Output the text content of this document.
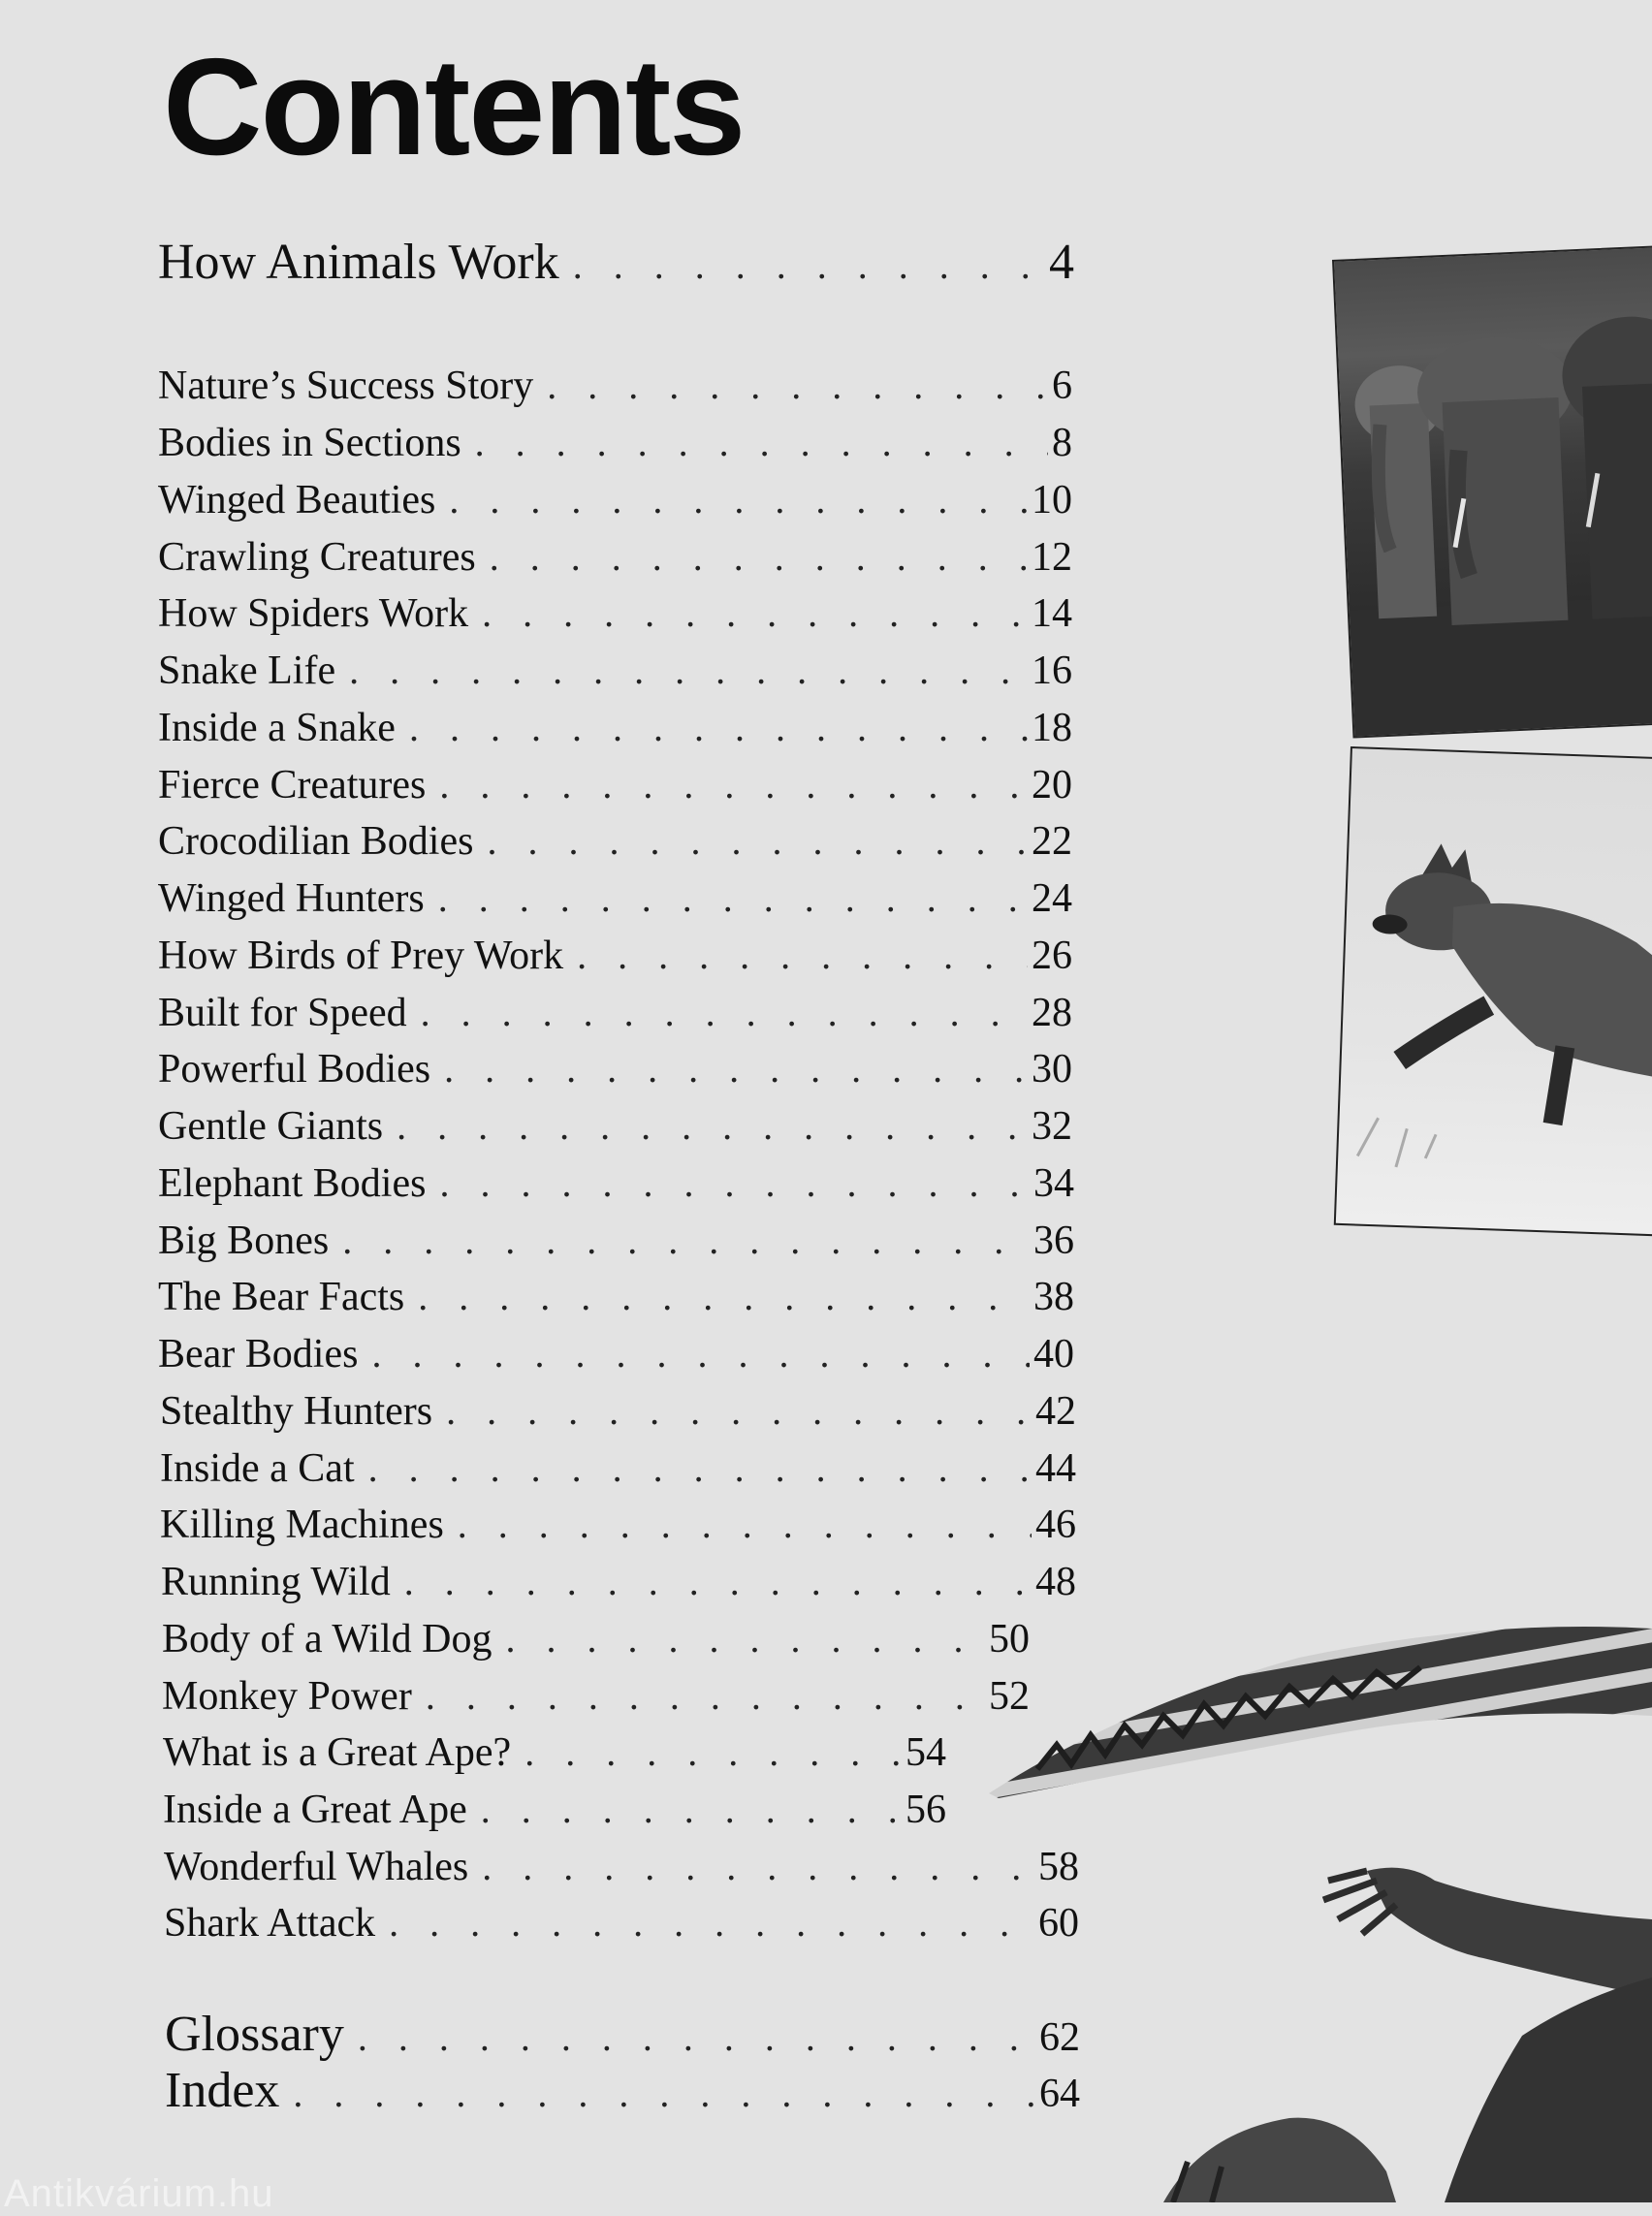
Contents
How Animals Work . . .	4
Nature’s Success Story . . .	6
Bodies in Sections . . .	8
Winged Beauties . . .	10
Crawling Creatures . . .	12
How Spiders Work . . .	14
Snake Life . . .	16
Inside a Snake . . .	18
Fierce Creatures . . .	20
Crocodilian Bodies . . .	22
Winged Hunters . . .	24
How Birds of Prey Work . . .	26
Built for Speed . . .	28
Powerful Bodies . . .	30
Gentle Giants . . .	32
Elephant Bodies . . .	34
Big Bones . . .	36
The Bear Facts . . .	38
Bear Bodies . . .	40
Stealthy Hunters . . .	42
Inside a Cat . . .	44
Killing Machines . . .	46
Running Wild . . .	48
Body of a Wild Dog . . .	50
Monkey Power . . .	52
What is a Great Ape? . . .	54
Inside a Great Ape . . .	56
Wonderful Whales . . .	58
Shark Attack . . .	60
Glossary . . .	62
Index . . .	64
Antikvárium.hu
